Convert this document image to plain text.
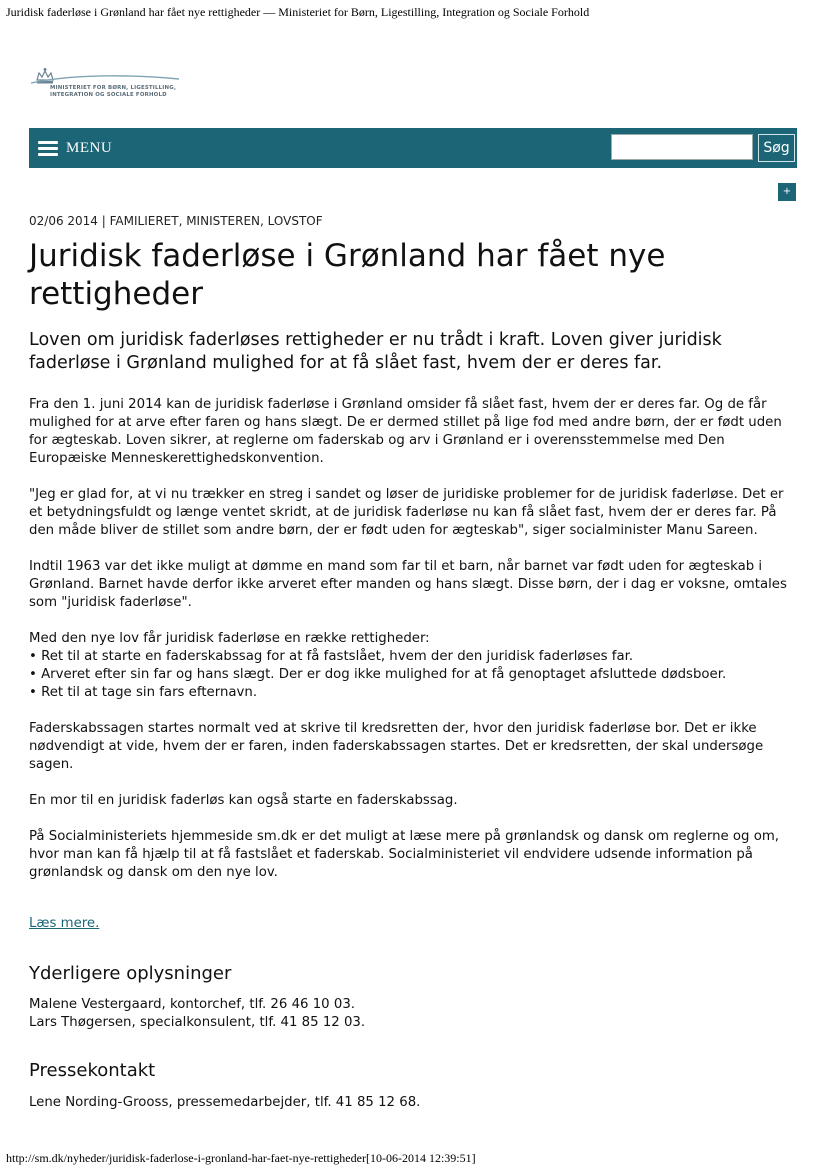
Juridisk faderløse i Grønland har fået nye rettigheder — Ministeriet for Børn, Ligestilling, Integration og Sociale Forhold
MINISTERIET FOR BØRN, LIGESTILLING,
INTEGRATION OG SOCIALE FORHOLD
MENU	Søg
+
02/06 2014 | FAMILIERET, MINISTEREN, LOVSTOF
Juridisk faderløse i Grønland har fået nye rettigheder

Loven om juridisk faderløses rettigheder er nu trådt i kraft. Loven giver juridisk faderløse i Grønland mulighed for at få slået fast, hvem der er deres far.

Fra den 1. juni 2014 kan de juridisk faderløse i Grønland omsider få slået fast, hvem der er deres far. Og de får mulighed for at arve efter faren og hans slægt. De er dermed stillet på lige fod med andre børn, der er født uden for ægteskab. Loven sikrer, at reglerne om faderskab og arv i Grønland er i overensstemmelse med Den Europæiske Menneskerettighedskonvention.

"Jeg er glad for, at vi nu trækker en streg i sandet og løser de juridiske problemer for de juridisk faderløse. Det er et betydningsfuldt og længe ventet skridt, at de juridisk faderløse nu kan få slået fast, hvem der er deres far. På den måde bliver de stillet som andre børn, der er født uden for ægteskab", siger socialminister Manu Sareen.

Indtil 1963 var det ikke muligt at dømme en mand som far til et barn, når barnet var født uden for ægteskab i Grønland. Barnet havde derfor ikke arveret efter manden og hans slægt. Disse børn, der i dag er voksne, omtales som "juridisk faderløse".

Med den nye lov får juridisk faderløse en række rettigheder:
• Ret til at starte en faderskabssag for at få fastslået, hvem der den juridisk faderløses far.
• Arveret efter sin far og hans slægt. Der er dog ikke mulighed for at få genoptaget afsluttede dødsboer.
• Ret til at tage sin fars efternavn.

Faderskabssagen startes normalt ved at skrive til kredsretten der, hvor den juridisk faderløse bor. Det er ikke nødvendigt at vide, hvem der er faren, inden faderskabssagen startes. Det er kredsretten, der skal undersøge sagen.

En mor til en juridisk faderløs kan også starte en faderskabssag.

På Socialministeriets hjemmeside sm.dk er det muligt at læse mere på grønlandsk og dansk om reglerne og om, hvor man kan få hjælp til at få fastslået et faderskab. Socialministeriet vil endvidere udsende information på grønlandsk og dansk om den nye lov.

Læs mere.
Yderligere oplysninger
Malene Vestergaard, kontorchef, tlf. 26 46 10 03.
Lars Thøgersen, specialkonsulent, tlf. 41 85 12 03.
Pressekontakt
Lene Nording-Grooss, pressemedarbejder, tlf. 41 85 12 68.
http://sm.dk/nyheder/juridisk-faderlose-i-gronland-har-faet-nye-rettigheder[10-06-2014 12:39:51]
